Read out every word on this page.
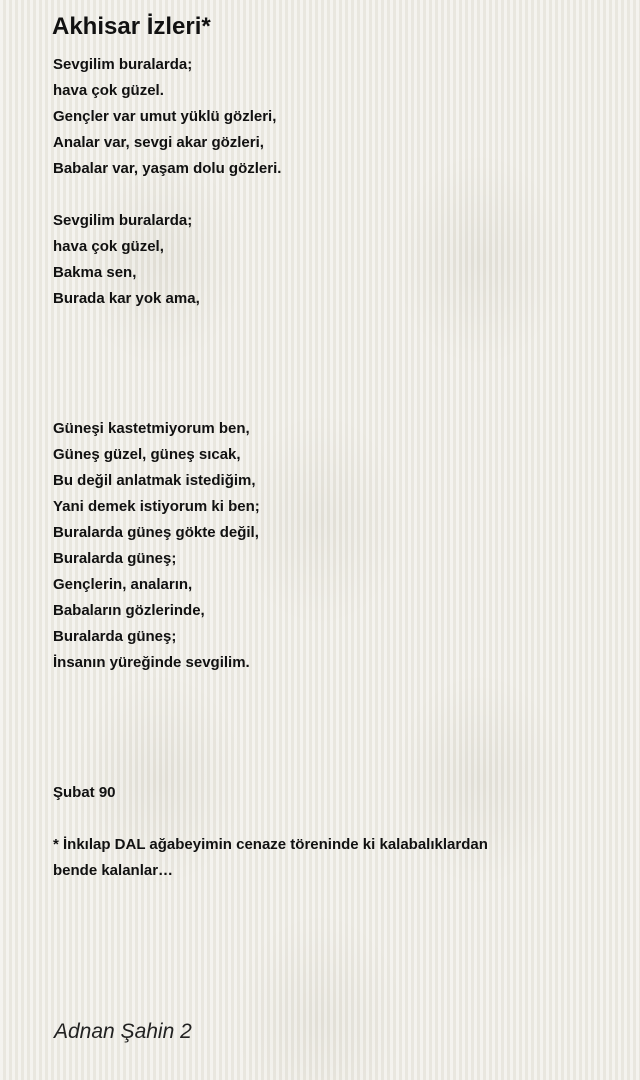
Akhisar İzleri*
Sevgilim buralarda;
hava çok güzel.
Gençler var umut yüklü gözleri,
Analar var, sevgi akar gözleri,
Babalar var, yaşam dolu gözleri.
Sevgilim buralarda;
hava çok güzel,
Bakma sen,
Burada kar yok ama,
Güneşi kastetmiyorum ben,
Güneş güzel, güneş sıcak,
Bu değil anlatmak istediğim,
Yani demek istiyorum ki ben;
Buralarda güneş gökte değil,
Buralarda güneş;
Gençlerin, anaların,
Babaların gözlerinde,
Buralarda güneş;
İnsanın yüreğinde sevgilim.
Şubat 90
* İnkılap DAL ağabeyimin cenaze töreninde ki kalabalıklardan
bende kalanlar…
Adnan Şahin 2
